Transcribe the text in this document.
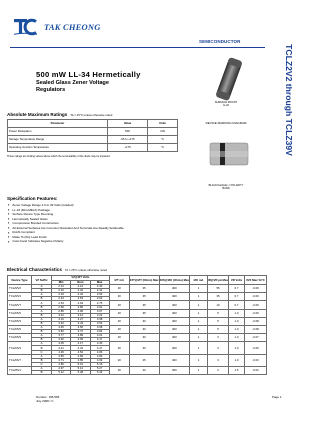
TAK CHEONG
SEMICONDUCTOR
TCLZ2V2 through TCLZ39V
500 mW LL-34 Hermetically
Sealed Glass Zener Voltage
Regulators
SURFACE MOUNT
LL34
DEVICE MARKING DIAGRAM
BLACK/Cathode = POLARITY
BAND
Absolute Maximum Ratings TA = 25°C unless otherwise noted
Parameter	Value	Units
Power Dissipation	500	mW
Storage Temperature Range	-65 to +175	°C
Operating Junction Temperature	+175	°C
These ratings are limiting values above which the serviceability of the diode may be impaired.
Specification Features:
▪ Zener Voltage Range 2.0 to 39 Volts (Graded)
▪ LL-34 (Mini-MELF) Package
▪ Surface Device Type Mounting
▪ Hermetically Sealed Glass
▪ Compression Bonded Construction
▪ All External Surfaces Are Corrosion Resistant And Terminals Are Readily Solderable
▪ RoHS Compliant
▪ Matte Tin(Sn) Lead Finish
▪ Color band Indicates Negative Polarity
Electrical Characteristics TA = 25°C unless otherwise noted
Device Type	VZ Suffix	VZ@IZT Volts			IZT mA	ZZT@IZT (Ohms) Max	ZZK@IZK (Ohms) Max	IZK mA	IR@VR µA Max	VR Volts	θVZ Max %/°C
		Min	Nom	Max							
TCLZ2V2	A	2.12	2.21	2.30	20	35	400	1	55	0.7	-0.09
	B	2.22	2.32	2.41							
TCLZ2V4	A	2.33	2.42	2.52	20	35	400	1	35	0.7	-0.09
	B	2.43	2.53	2.63							
TCLZ2V7	A	2.54	2.64	2.75	20	35	400	1	10	0.7	-0.09
	B	2.69	2.80	2.91							
TCLZ3V0	A	2.85	2.96	3.07	20	35	400	1	5	1.0	-0.09
	B	3.01	3.12	3.22							
TCLZ3V3	A	3.16	3.27	3.38	20	30	400	1	5	1.0	-0.08
	B	3.32	3.43	3.53							
TCLZ3V6	A	3.45	3.56	3.68	20	30	400	1	5	1.0	-0.08
	B	3.60	3.72	3.84							
TCLZ3V9	A	3.77	3.89	4.01	20	30	400	1	3	1.0	-0.07
	B	3.92	4.05	4.17							
TCLZ4V3	A	4.05	4.17	4.30	20	30	400	1	3	1.0	-0.06
	B	4.21	4.34	4.47							
	C	4.39	4.52	4.66							
TCLZ4V7	A	4.55	4.69	4.83	20	25	400	1	3	1.0	-0.03
	B	4.71	4.85	4.99							
	C	4.86	5.01	5.16							
TCLZ5V1	A	4.97	5.12	5.27	20	20	400	1	2	1.5	-0.02
	B	5.12	5.28	5.43							
Number : DB-565
July 2008 / C
Page 1
